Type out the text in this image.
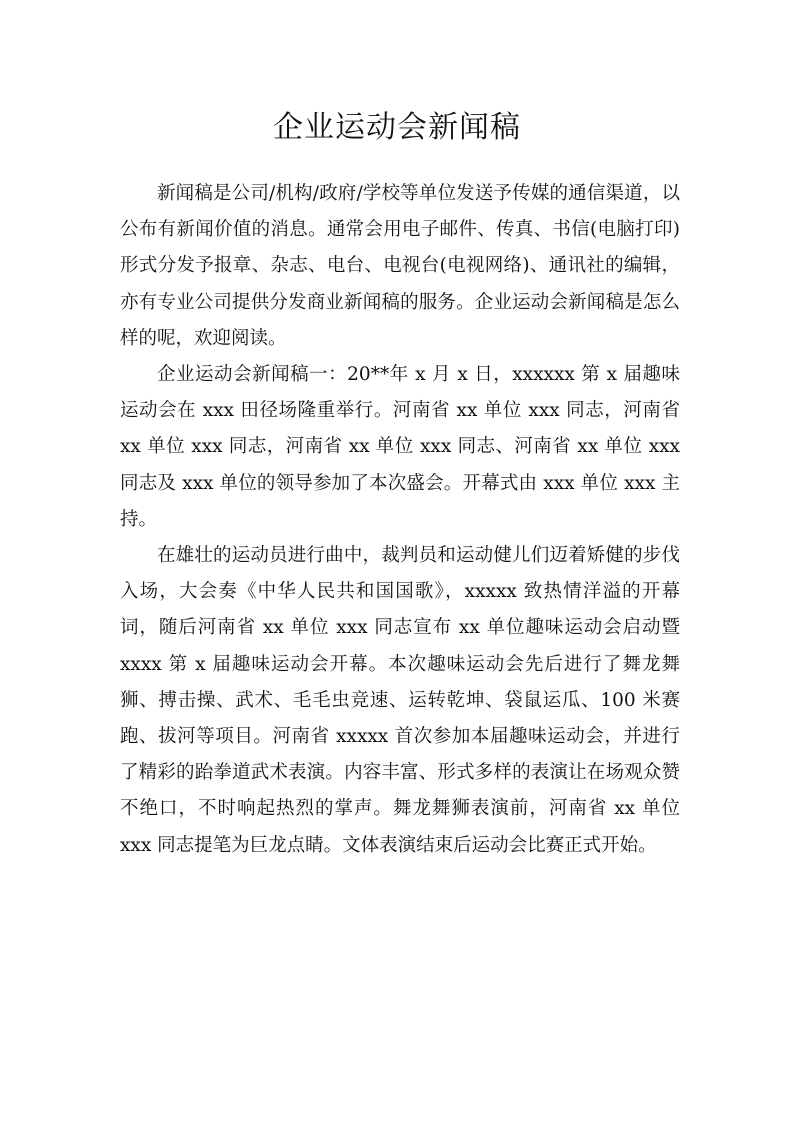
企业运动会新闻稿

新闻稿是公司/机构/政府/学校等单位发送予传媒的通信渠道，以公布有新闻价值的消息。通常会用电子邮件、传真、书信(电脑打印)形式分发予报章、杂志、电台、电视台(电视网络)、通讯社的编辑，亦有专业公司提供分发商业新闻稿的服务。企业运动会新闻稿是怎么样的呢，欢迎阅读。

企业运动会新闻稿一：20**年 x 月 x 日，xxxxxx 第 x 届趣味运动会在 xxx 田径场隆重举行。河南省 xx 单位 xxx 同志，河南省 xx 单位 xxx 同志，河南省 xx 单位 xxx 同志、河南省 xx 单位 xxx 同志及 xxx 单位的领导参加了本次盛会。开幕式由 xxx 单位 xxx 主持。

在雄壮的运动员进行曲中，裁判员和运动健儿们迈着矫健的步伐入场，大会奏《中华人民共和国国歌》，xxxxx 致热情洋溢的开幕词，随后河南省 xx 单位 xxx 同志宣布 xx 单位趣味运动会启动暨 xxxx 第 x 届趣味运动会开幕。本次趣味运动会先后进行了舞龙舞狮、搏击操、武术、毛毛虫竞速、运转乾坤、袋鼠运瓜、100 米赛跑、拔河等项目。河南省 xxxxx 首次参加本届趣味运动会，并进行了精彩的跆拳道武术表演。内容丰富、形式多样的表演让在场观众赞不绝口，不时响起热烈的掌声。舞龙舞狮表演前，河南省 xx 单位 xxx 同志提笔为巨龙点睛。文体表演结束后运动会比赛正式开始。
